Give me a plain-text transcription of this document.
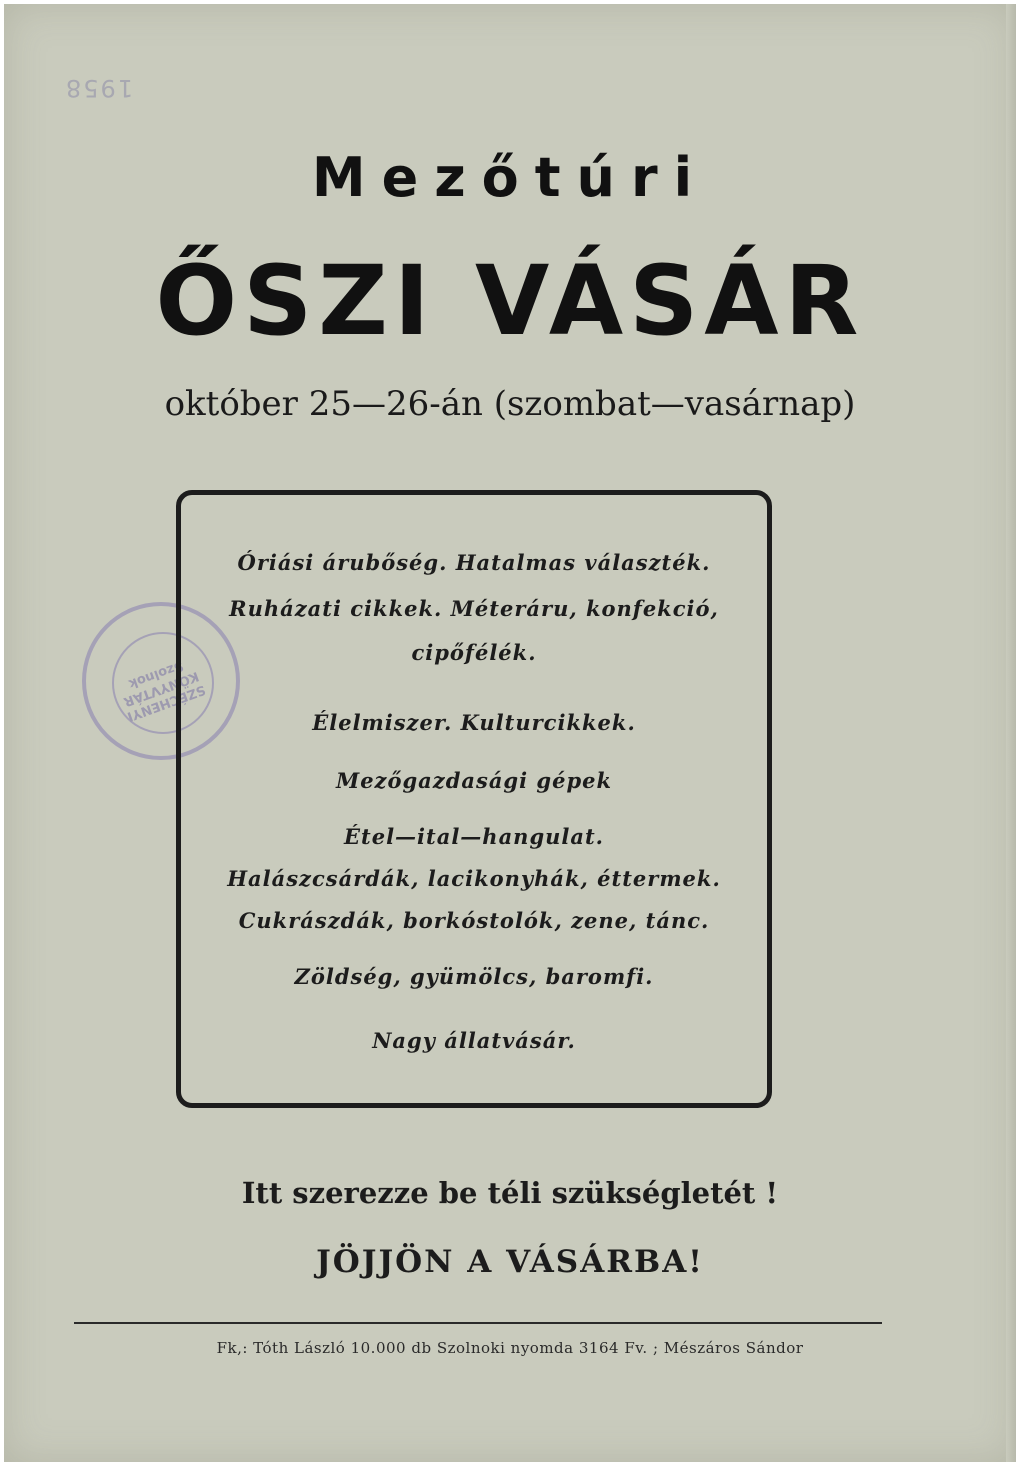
1958
Mezőtúri
ŐSZI VÁSÁR
október 25—26-án (szombat—vasárnap)
SZÉCHENYI KÖNYVTÁR Szolnok
Óriási árubőség. Hatalmas választék.
Ruházati cikkek. Méteráru, konfekció,
cipőfélék.
Élelmiszer. Kulturcikkek.
Mezőgazdasági gépek
Étel—ital—hangulat.
Halászcsárdák, lacikonyhák, éttermek.
Cukrászdák, borkóstolók, zene, tánc.
Zöldség, gyümölcs, baromfi.
Nagy állatvásár.
Itt szerezze be téli szükségletét !
JÖJJÖN A VÁSÁRBA!
Fk,: Tóth László 10.000 db Szolnoki nyomda 3164 Fv. ; Mészáros Sándor
